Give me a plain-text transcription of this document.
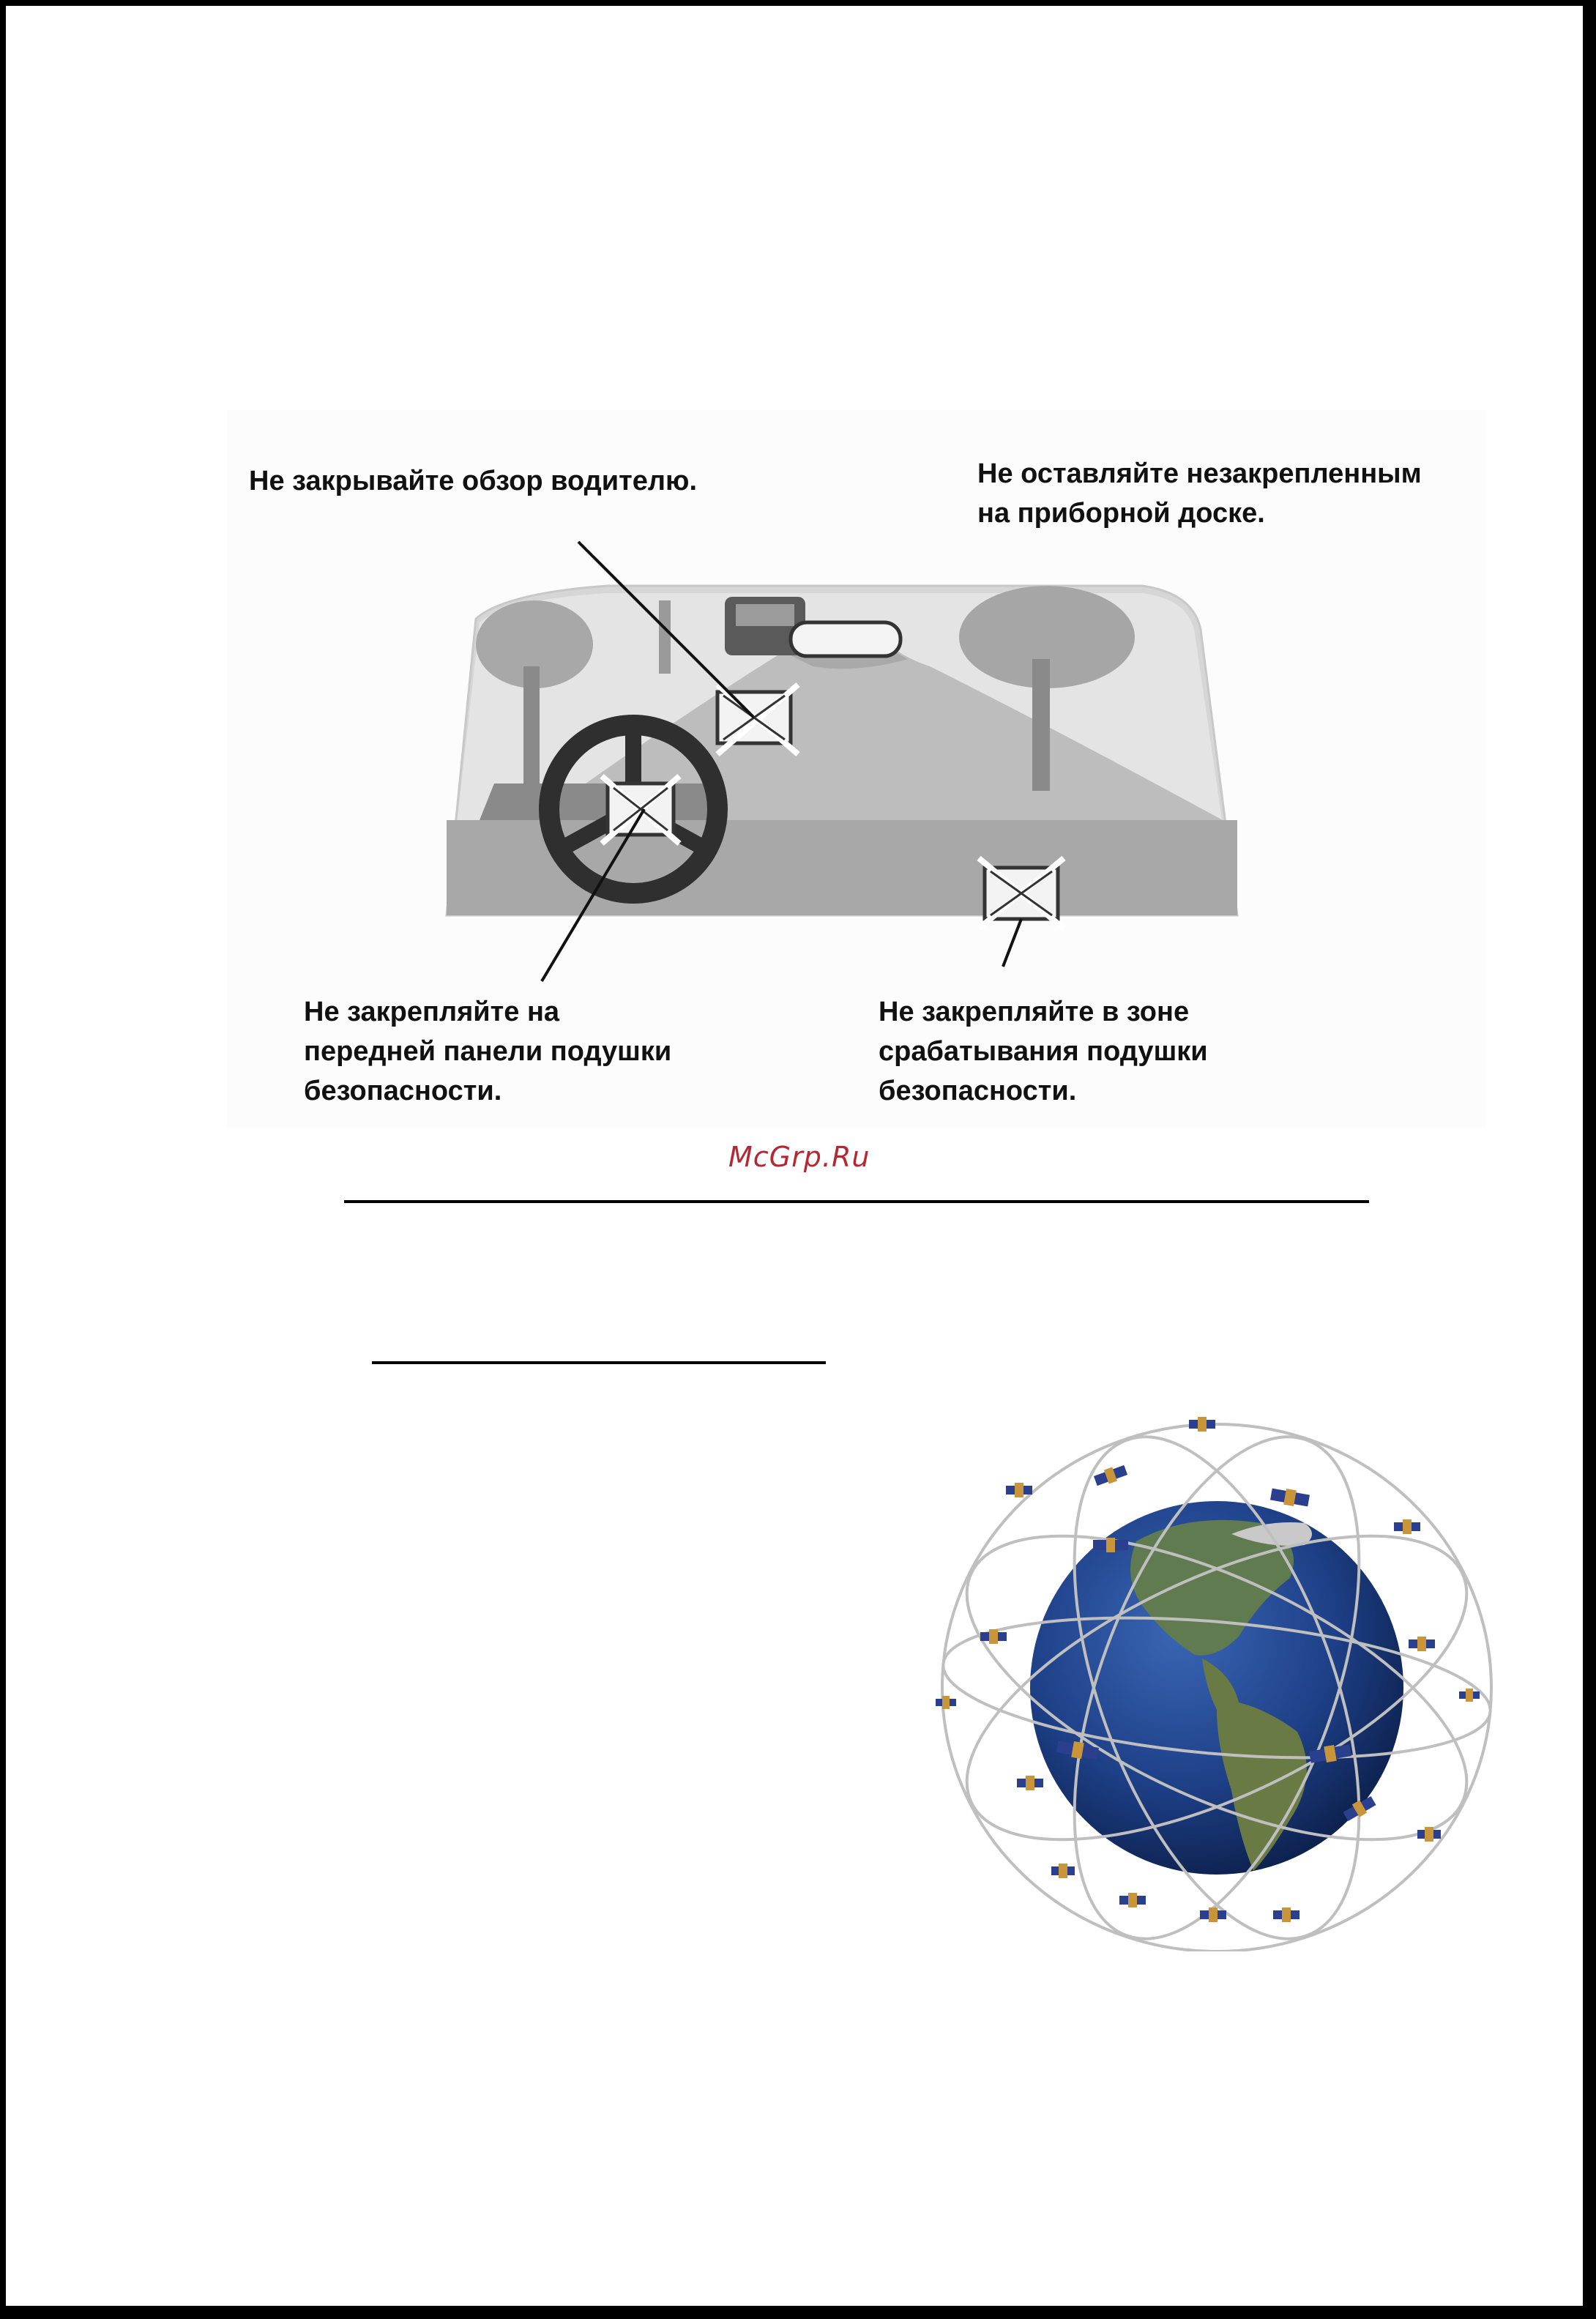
Не закрывайте обзор водителю.	Не оставляйте незакрепленным
на приборной доске.
Не закрепляйте на
передней панели подушки
безопасности.
Не закрепляйте в зоне
срабатывания подушки
безопасности.
McGrp.Ru
